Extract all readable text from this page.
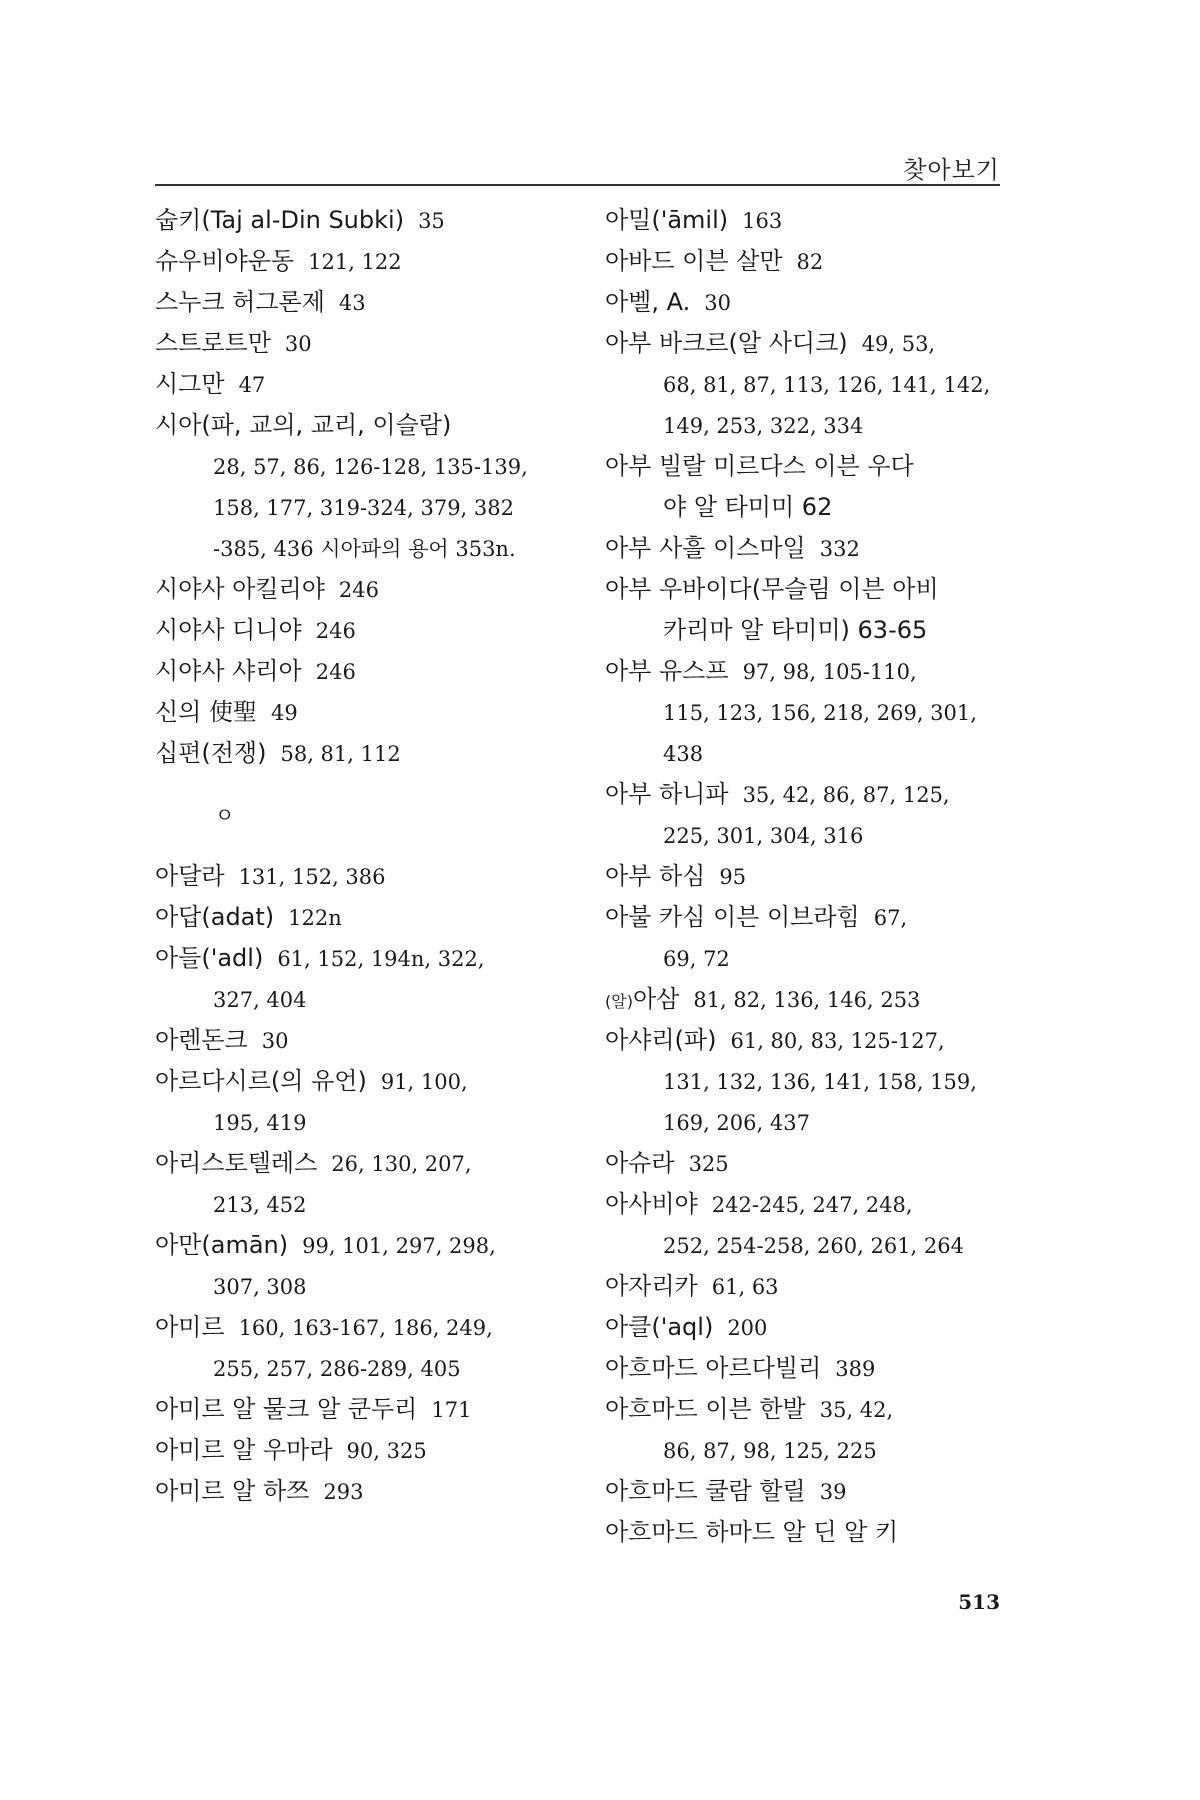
찾아보기
숩키(Taj al-Din Subki) 35
슈우비야운동 121, 122
스누크 허그론제 43
스트로트만 30
시그만 47
시아(파, 교의, 교리, 이슬람)
28, 57, 86, 126-128, 135-139,
158, 177, 319-324, 379, 382
-385, 436 시아파의 용어 353n.
시야사 아킬리야 246
시야사 디니야 246
시야사 샤리아 246
신의 使聖 49
십편(전쟁) 58, 81, 112
ㅇ
아달라 131, 152, 386
아답(adat) 122n
아들('adl) 61, 152, 194n, 322,
327, 404
아렌돈크 30
아르다시르(의 유언) 91, 100,
195, 419
아리스토텔레스 26, 130, 207,
213, 452
아만(amān) 99, 101, 297, 298,
307, 308
아미르 160, 163-167, 186, 249,
255, 257, 286-289, 405
아미르 알 물크 알 쿤두리 171
아미르 알 우마라 90, 325
아미르 알 하쯔 293
아밀('āmil) 163
아바드 이븐 살만 82
아벨, A. 30
아부 바크르(알 사디크) 49, 53,
68, 81, 87, 113, 126, 141, 142,
149, 253, 322, 334
아부 빌랄 미르다스 이븐 우다
야 알 타미미 62
아부 사흘 이스마일 332
아부 우바이다(무슬림 이븐 아비
카리마 알 타미미) 63-65
아부 유스프 97, 98, 105-110,
115, 123, 156, 218, 269, 301,
438
아부 하니파 35, 42, 86, 87, 125,
225, 301, 304, 316
아부 하심 95
아불 카심 이븐 이브라힘 67,
69, 72
(알)아삼 81, 82, 136, 146, 253
아샤리(파) 61, 80, 83, 125-127,
131, 132, 136, 141, 158, 159,
169, 206, 437
아슈라 325
아사비야 242-245, 247, 248,
252, 254-258, 260, 261, 264
아자리카 61, 63
아클('aql) 200
아흐마드 아르다빌리 389
아흐마드 이븐 한발 35, 42,
86, 87, 98, 125, 225
아흐마드 쿨람 할릴 39
아흐마드 하마드 알 딘 알 키
513
